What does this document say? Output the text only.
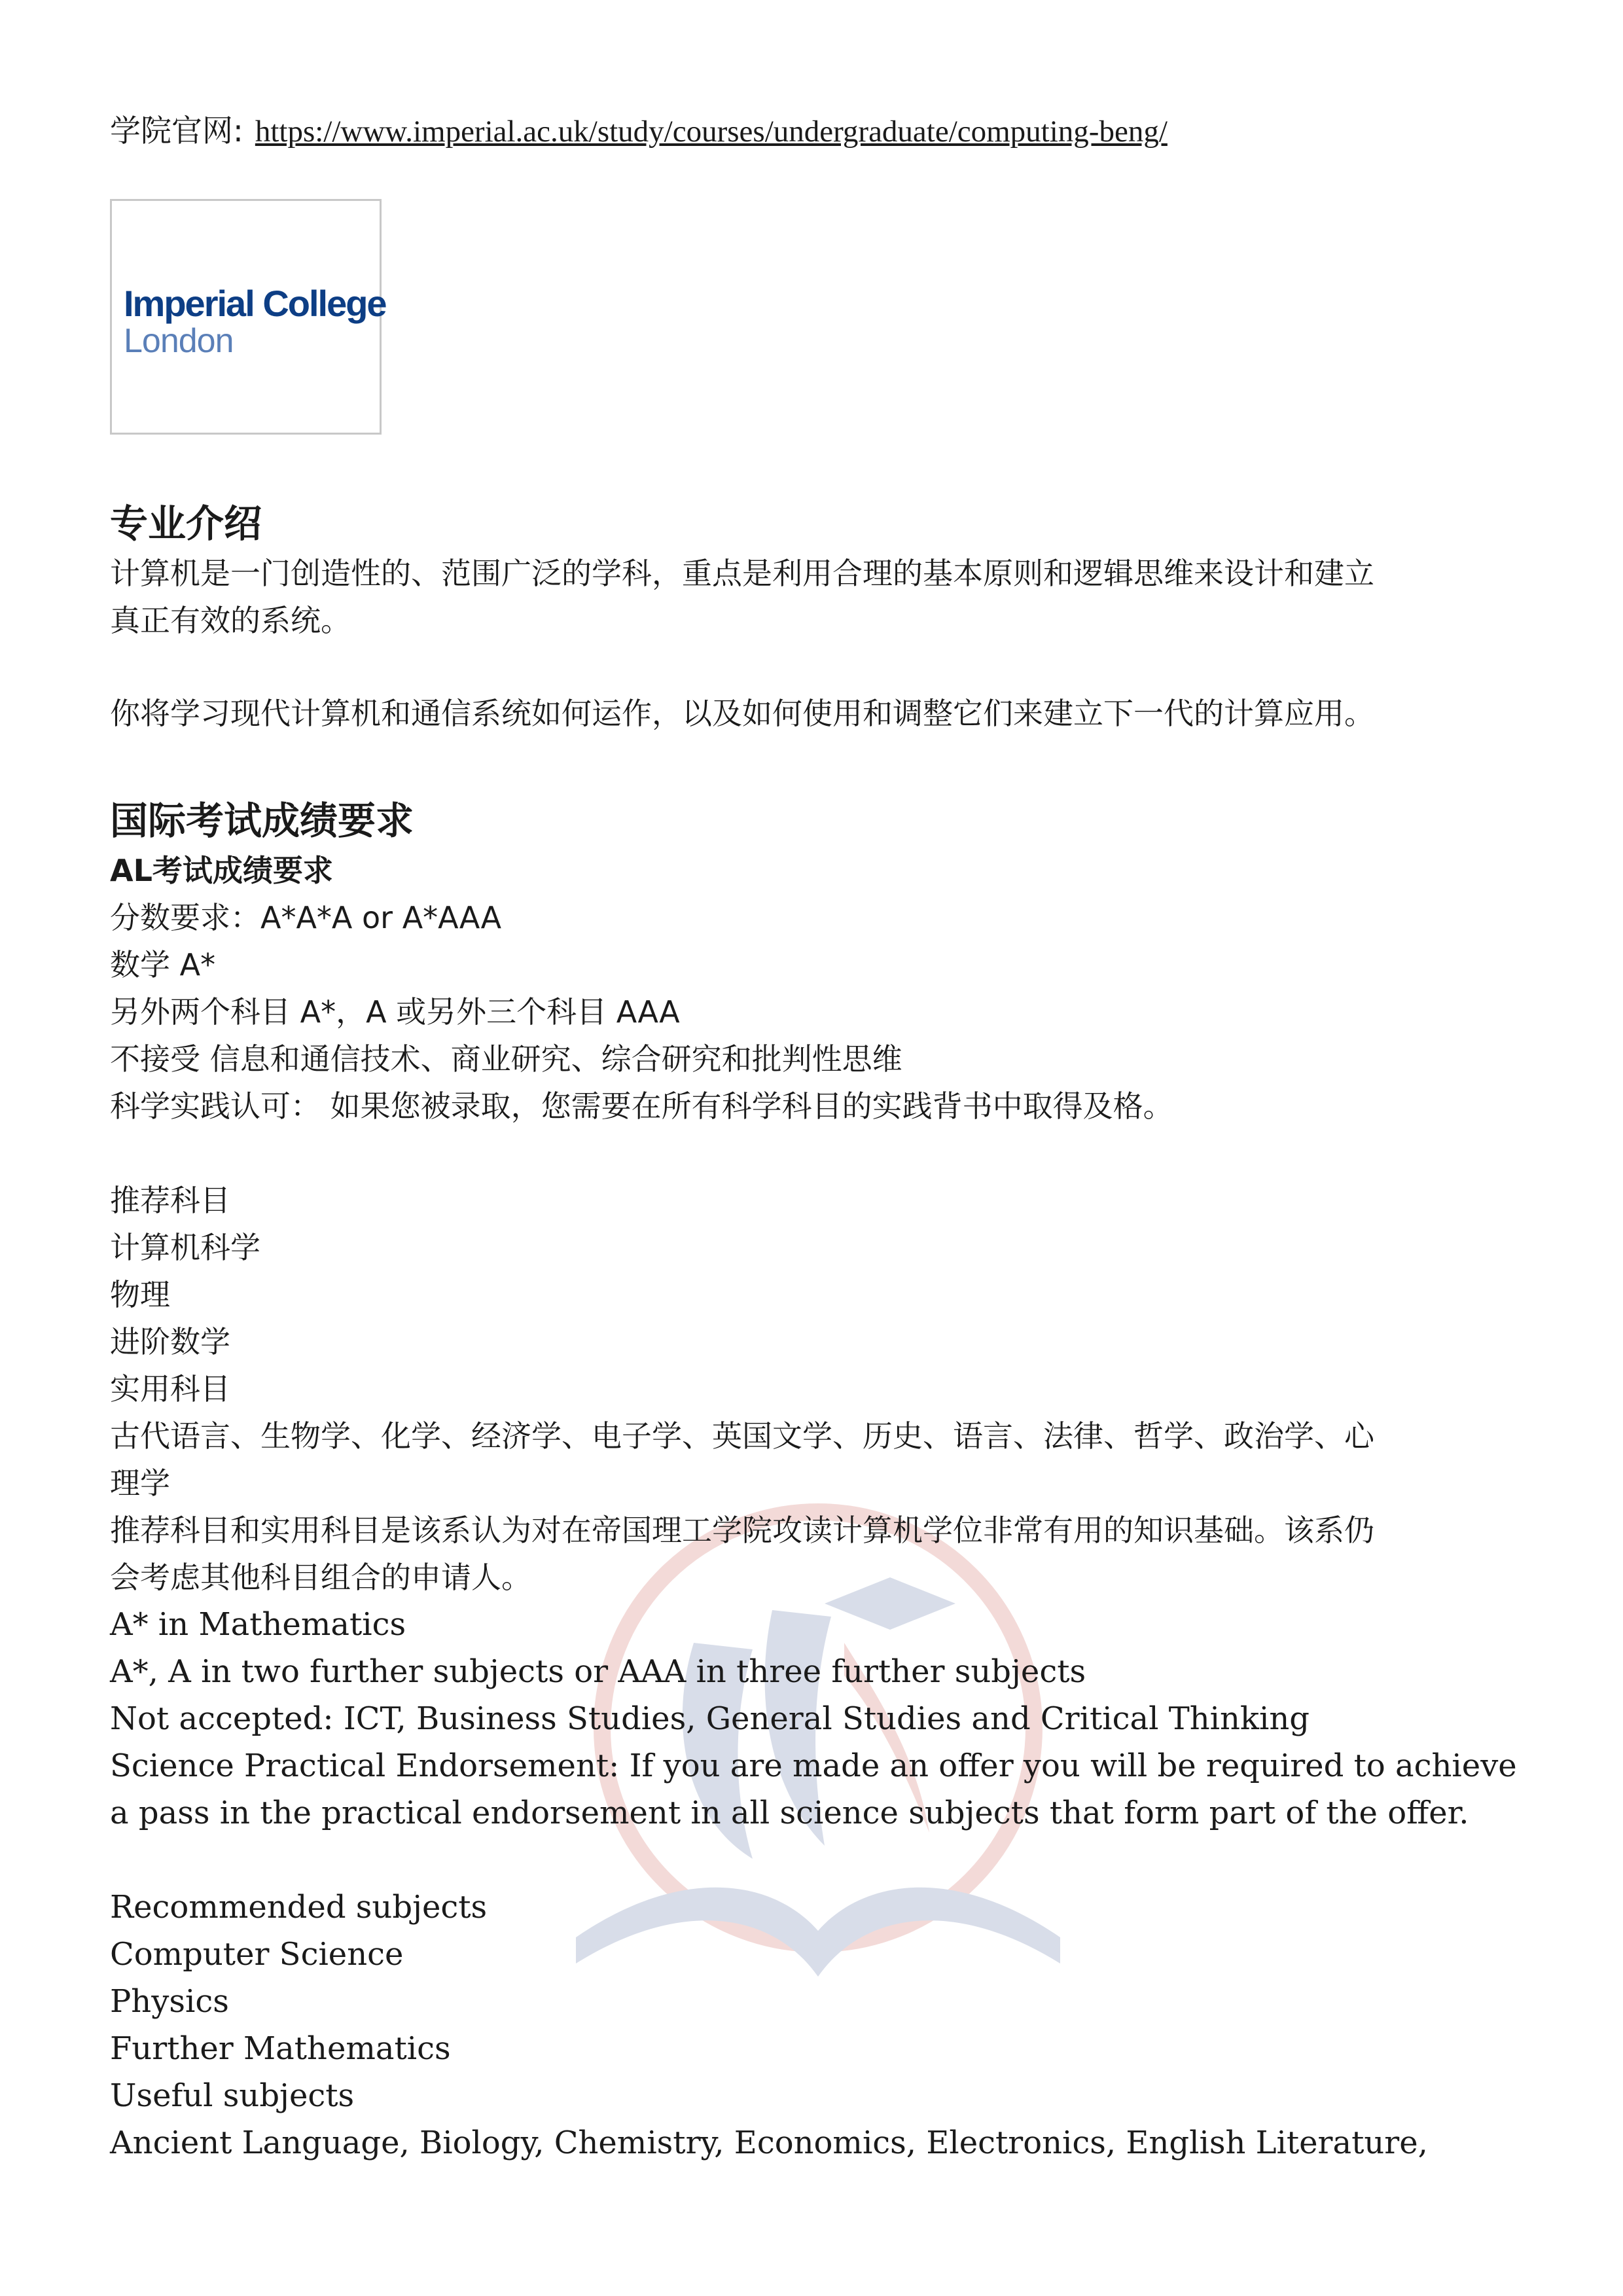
学院官网: https://www.imperial.ac.uk/study/courses/undergraduate/computing-beng/
Imperial College
London
专业介绍
计算机是一门创造性的、范围广泛的学科，重点是利用合理的基本原则和逻辑思维来设计和建立
真正有效的系统。
你将学习现代计算机和通信系统如何运作，以及如何使用和调整它们来建立下一代的计算应用。
国际考试成绩要求
AL考试成绩要求
分数要求：A*A*A or A*AAA
数学 A*
另外两个科目 A*，A 或另外三个科目 AAA
不接受 信息和通信技术、商业研究、综合研究和批判性思维
科学实践认可： 如果您被录取，您需要在所有科学科目的实践背书中取得及格。
推荐科目
计算机科学
物理
进阶数学
实用科目
古代语言、生物学、化学、经济学、电子学、英国文学、历史、语言、法律、哲学、政治学、心
理学
推荐科目和实用科目是该系认为对在帝国理工学院攻读计算机学位非常有用的知识基础。该系仍
会考虑其他科目组合的申请人。
A* in Mathematics
A*, A in two further subjects or AAA in three further subjects
Not accepted: ICT, Business Studies, General Studies and Critical Thinking
Science Practical Endorsement: If you are made an offer you will be required to achieve
a pass in the practical endorsement in all science subjects that form part of the offer.
Recommended subjects
Computer Science
Physics
Further Mathematics
Useful subjects
Ancient Language, Biology, Chemistry, Economics, Electronics, English Literature,
